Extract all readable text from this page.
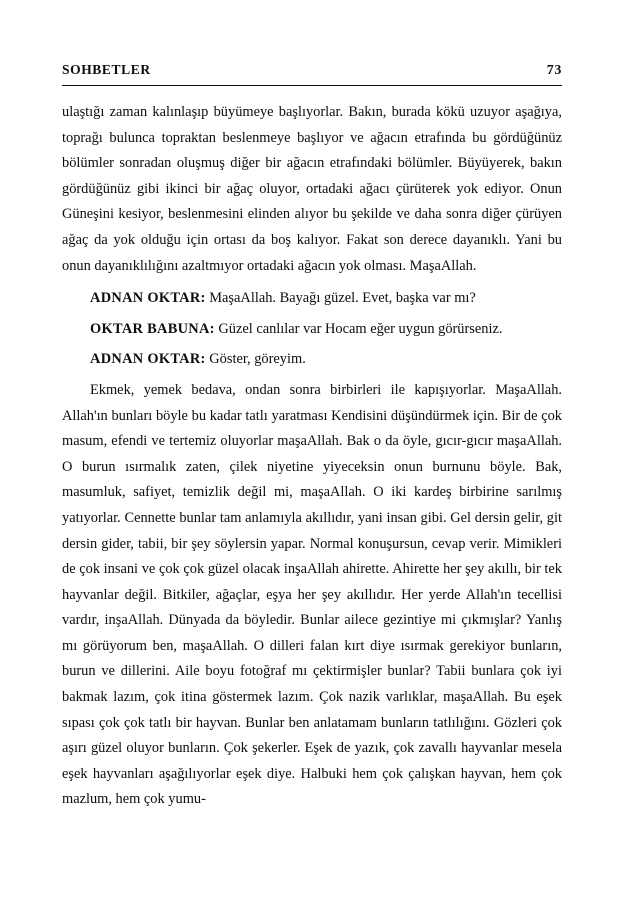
SOHBETLER	73

ulaştığı zaman kalınlaşıp büyümeye başlıyorlar. Bakın, burada kökü uzuyor aşağıya, toprağı bulunca topraktan beslenmeye başlıyor ve ağacın etrafında bu gördüğünüz bölümler sonradan oluşmuş diğer bir ağacın etrafındaki bölümler. Büyüyerek, bakın gördüğünüz gibi ikinci bir ağaç oluyor, ortadaki ağacı çürüterek yok ediyor. Onun Güneşini kesiyor, beslenmesini elinden alıyor bu şekilde ve daha sonra diğer çürüyen ağaç da yok olduğu için ortası da boş kalıyor. Fakat son derece dayanıklı. Yani bu onun dayanıklılığını azaltmıyor ortadaki ağacın yok olması. MaşaAllah.

ADNAN OKTAR: MaşaAllah. Bayağı güzel. Evet, başka var mı?

OKTAR BABUNA: Güzel canlılar var Hocam eğer uygun görürseniz.

ADNAN OKTAR: Göster, göreyim.

Ekmek, yemek bedava, ondan sonra birbirleri ile kapışıyorlar. MaşaAllah. Allah'ın bunları böyle bu kadar tatlı yaratması Kendisini düşündürmek için. Bir de çok masum, efendi ve tertemiz oluyorlar maşaAllah. Bak o da öyle, gıcır-gıcır maşaAllah. O burun ısırmalık zaten, çilek niyetine yiyeceksin onun burnunu böyle. Bak, masumluk, safiyet, temizlik değil mi, maşaAllah. O iki kardeş birbirine sarılmış yatıyorlar. Cennette bunlar tam anlamıyla akıllıdır, yani insan gibi. Gel dersin gelir, git dersin gider, tabii, bir şey söylersin yapar. Normal konuşursun, cevap verir. Mimikleri de çok insani ve çok çok güzel olacak inşaAllah ahirette. Ahirette her şey akıllı, bir tek hayvanlar değil. Bitkiler, ağaçlar, eşya her şey akıllıdır. Her yerde Allah'ın tecellisi vardır, inşaAllah. Dünyada da böyledir. Bunlar ailece gezintiye mi çıkmışlar? Yanlış mı görüyorum ben, maşaAllah. O dilleri falan kırt diye ısırmak gerekiyor bunların, burun ve dillerini. Aile boyu fotoğraf mı çektirmişler bunlar? Tabii bunlara çok iyi bakmak lazım, çok itina göstermek lazım. Çok nazik varlıklar, maşaAllah. Bu eşek sıpası çok çok tatlı bir hayvan. Bunlar ben anlatamam bunların tatlılığını. Gözleri çok aşırı güzel oluyor bunların. Çok şekerler. Eşek de yazık, çok zavallı hayvanlar mesela eşek hayvanları aşağılıyorlar eşek diye. Halbuki hem çok çalışkan hayvan, hem çok mazlum, hem çok yumu-
